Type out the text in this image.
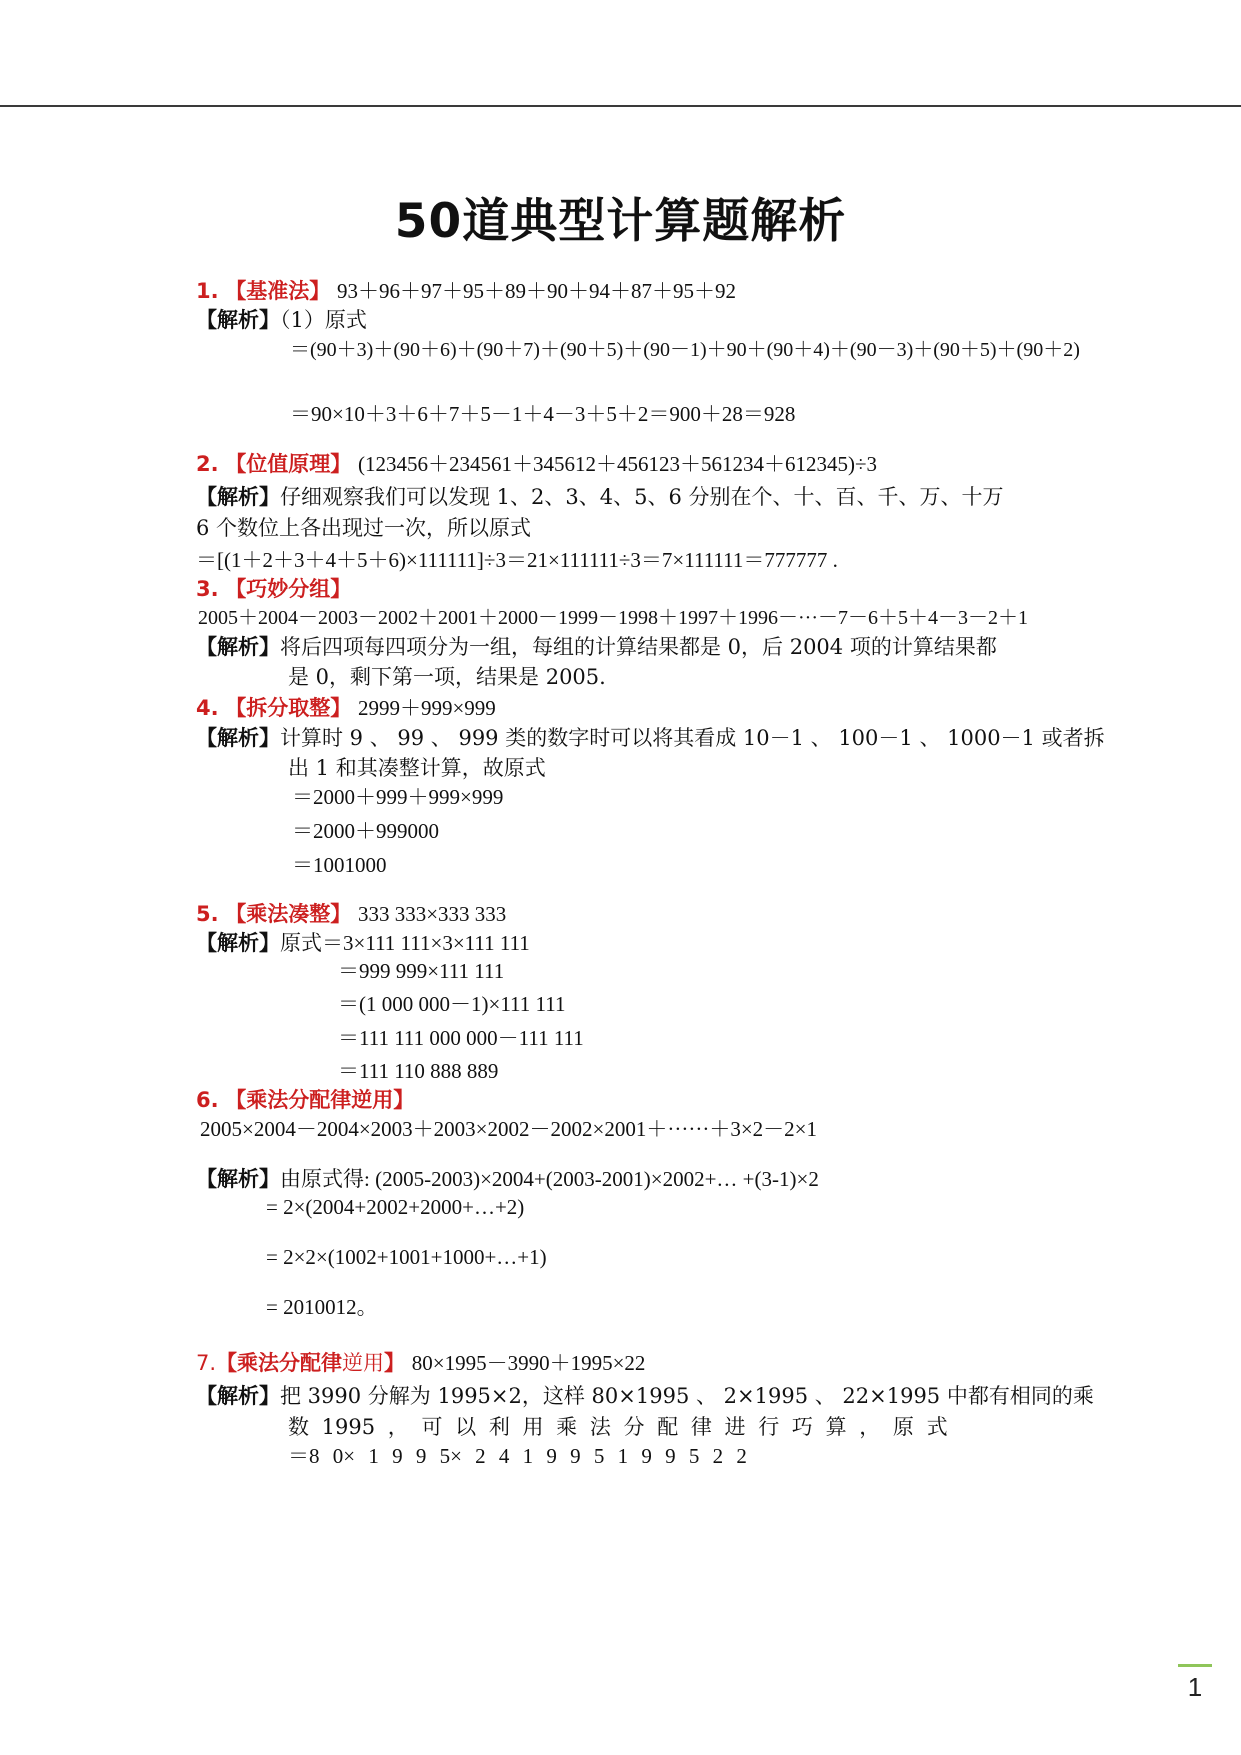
50道典型计算题解析
1. 【基准法】 93＋96＋97＋95＋89＋90＋94＋87＋95＋92
【解析】（1）原式
＝(90＋3)＋(90＋6)＋(90＋7)＋(90＋5)＋(90－1)＋90＋(90＋4)＋(90－3)＋(90＋5)＋(90＋2)
＝90×10＋3＋6＋7＋5－1＋4－3＋5＋2＝900＋28＝928
2. 【位值原理】 (123456＋234561＋345612＋456123＋561234＋612345)÷3
【解析】仔细观察我们可以发现 1、2、3、4、5、6 分别在个、十、百、千、万、十万
6 个数位上各出现过一次，所以原式
＝[(1＋2＋3＋4＋5＋6)×111111]÷3＝21×111111÷3＝7×111111＝777777 .
3. 【巧妙分组】
2005＋2004－2003－2002＋2001＋2000－1999－1998＋1997＋1996－···－7－6＋5＋4－3－2＋1
【解析】将后四项每四项分为一组，每组的计算结果都是 0，后 2004 项的计算结果都
是 0，剩下第一项，结果是 2005.
4. 【拆分取整】 2999＋999×999
【解析】计算时 9 、 99 、 999 类的数字时可以将其看成 10－1 、 100－1 、 1000－1 或者拆
出 1 和其凑整计算，故原式
＝2000＋999＋999×999
＝2000＋999000
＝1001000
5. 【乘法凑整】 333 333×333 333
【解析】原式＝3×111 111×3×111 111
＝999 999×111 111
＝(1 000 000－1)×111 111
＝111 111 000 000－111 111
＝111 110 888 889
6. 【乘法分配律逆用】
2005×2004－2004×2003＋2003×2002－2002×2001＋······＋3×2－2×1
【解析】由原式得: (2005-2003)×2004+(2003-2001)×2002+… +(3-1)×2
= 2×(2004+2002+2000+…+2)
= 2×2×(1002+1001+1000+…+1)
= 2010012。
7.【乘法分配律逆用】 80×1995－3990＋1995×22
【解析】把 3990 分解为 1995×2，这样 80×1995 、 2×1995 、 22×1995 中都有相同的乘
数 1995 ， 可 以 利 用 乘 法 分 配 律 进 行 巧 算 ， 原 式
＝8 0× 1 9 9 5× 2 4 1 9 9 5 1 9 9 5 2 2
1
